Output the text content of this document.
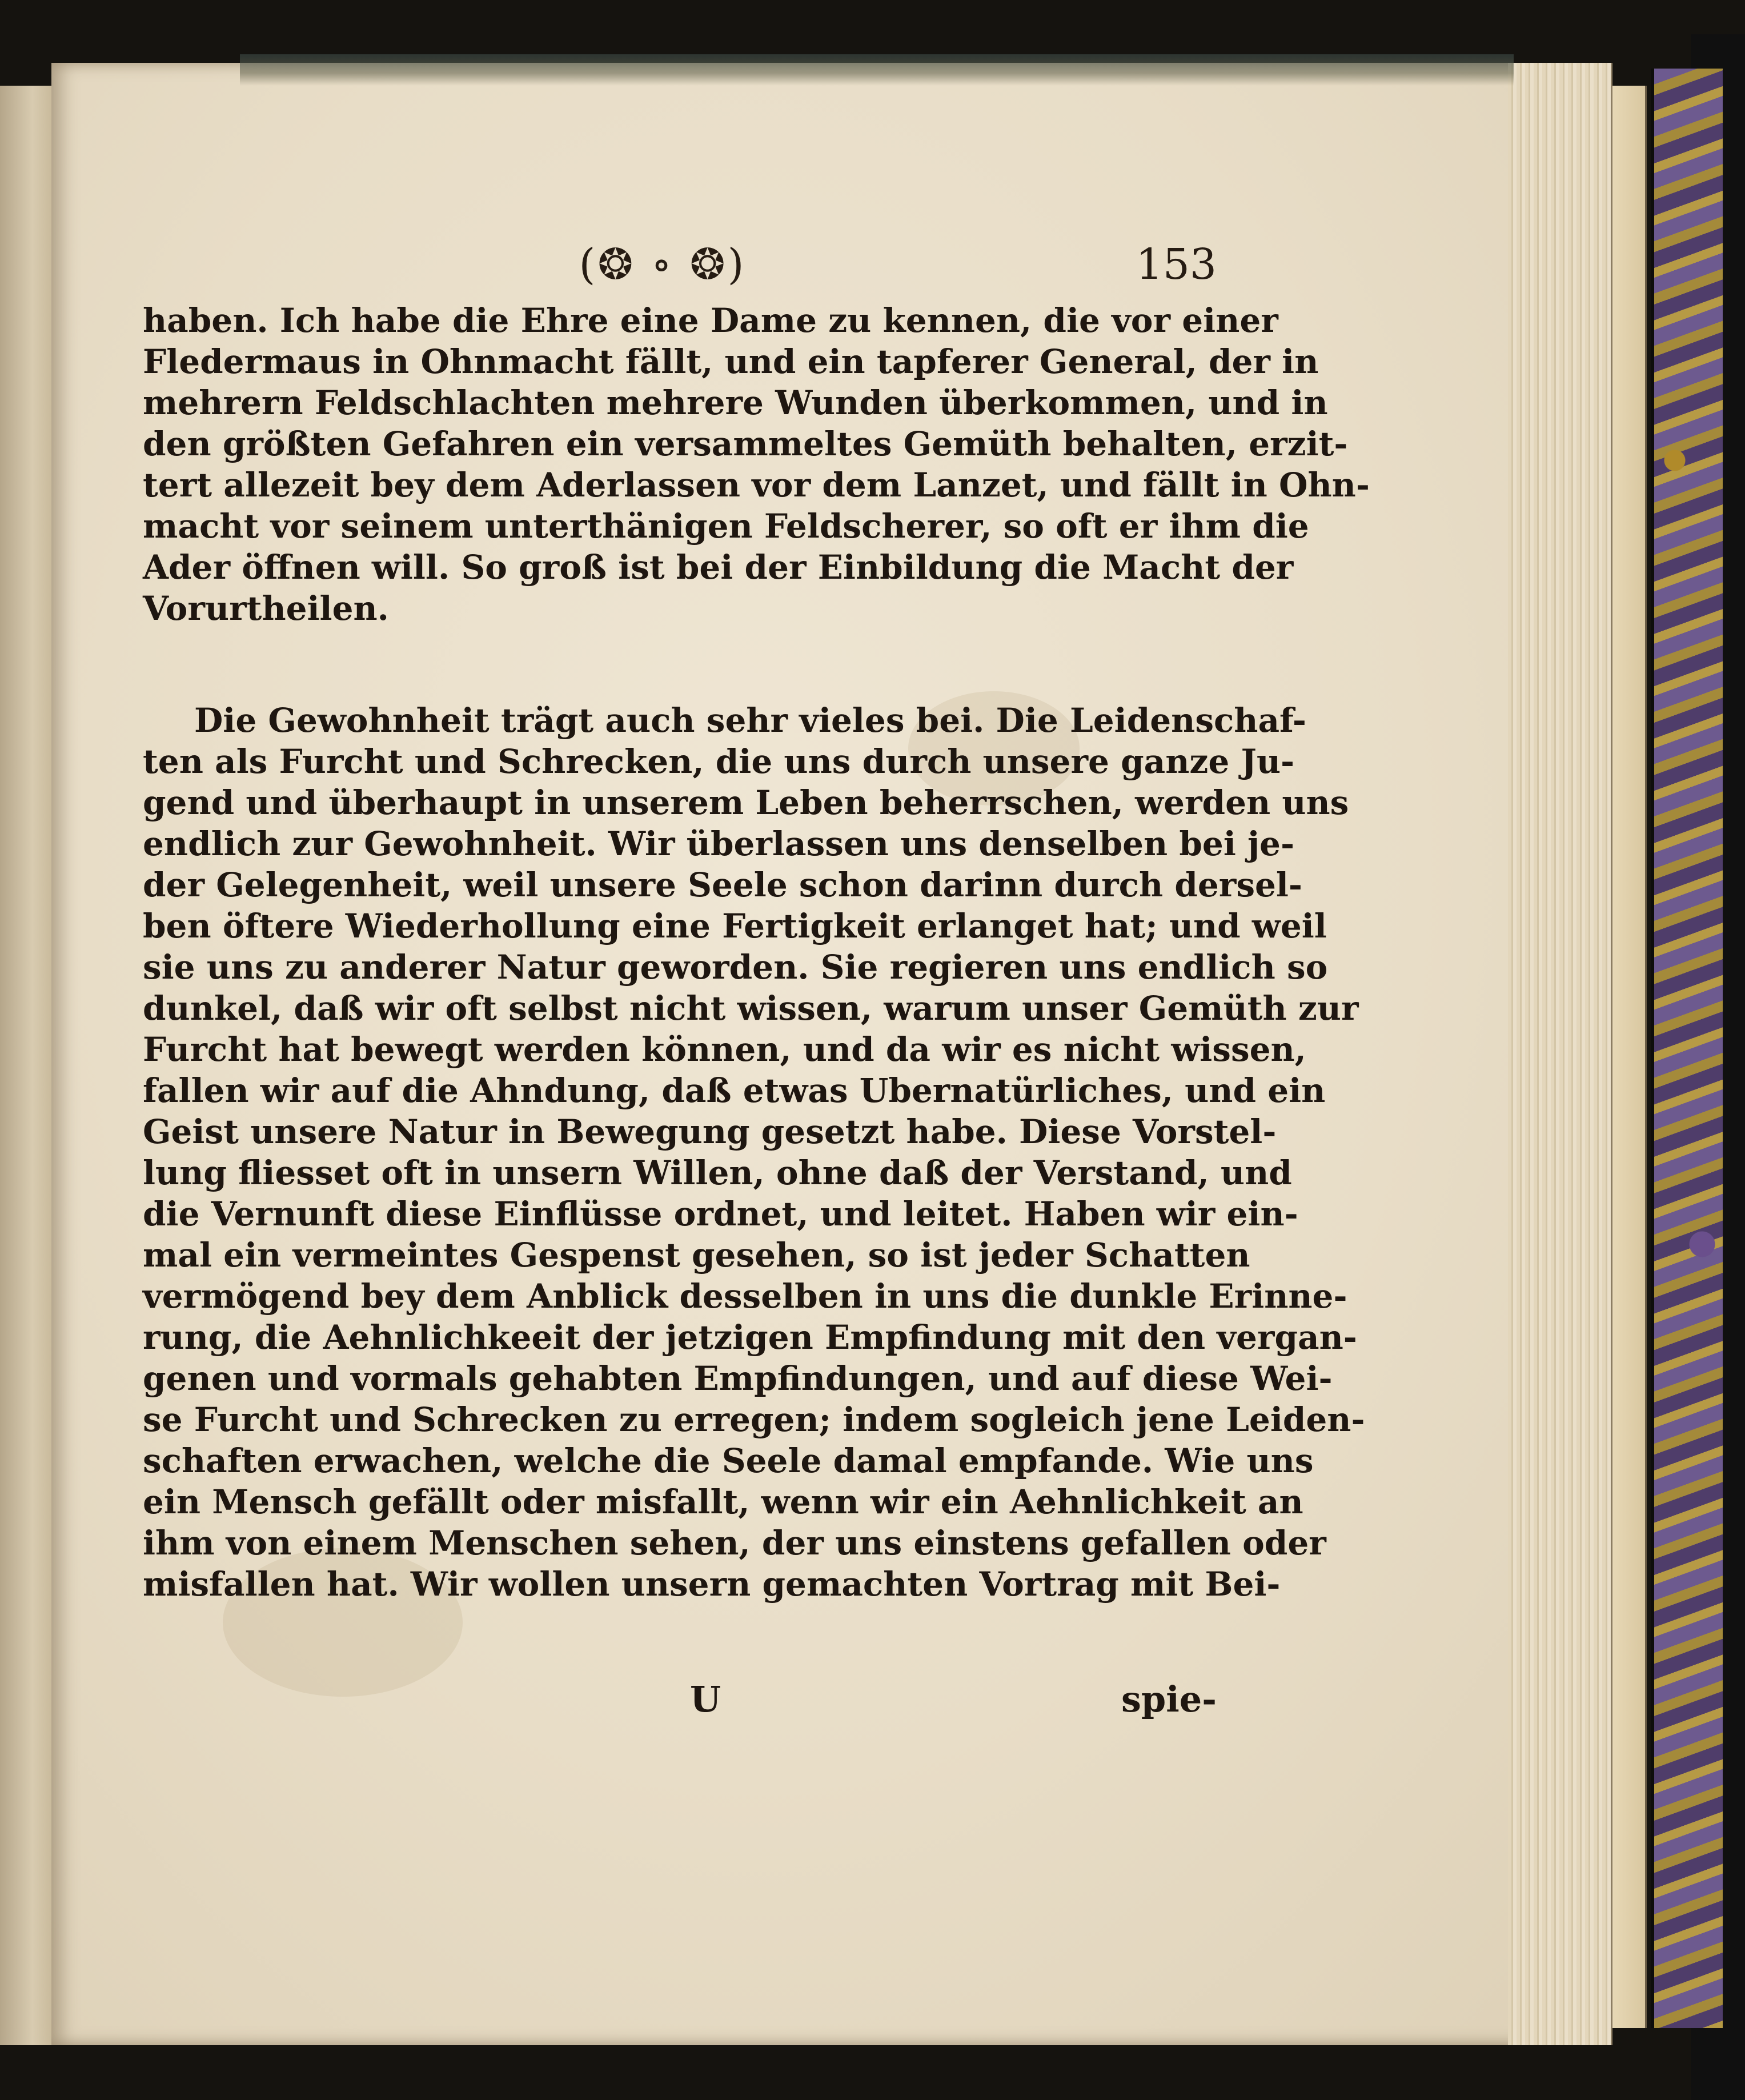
(❂ ∘ ❂)	153
haben. Ich habe die Ehre eine Dame zu kennen, die vor einer
Fledermaus in Ohnmacht fällt, und ein tapferer General, der in
mehrern Feldschlachten mehrere Wunden überkommen, und in
den größten Gefahren ein versammeltes Gemüth behalten, erzit-
tert allezeit bey dem Aderlassen vor dem Lanzet, und fällt in Ohn-
macht vor seinem unterthänigen Feldscherer, so oft er ihm die
Ader öffnen will. So groß ist bei der Einbildung die Macht der
Vorurtheilen.
Die Gewohnheit trägt auch sehr vieles bei. Die Leidenschaf-
ten als Furcht und Schrecken, die uns durch unsere ganze Ju-
gend und überhaupt in unserem Leben beherrschen, werden uns
endlich zur Gewohnheit. Wir überlassen uns denselben bei je-
der Gelegenheit, weil unsere Seele schon darinn durch dersel-
ben öftere Wiederhollung eine Fertigkeit erlanget hat; und weil
sie uns zu anderer Natur geworden. Sie regieren uns endlich so
dunkel, daß wir oft selbst nicht wissen, warum unser Gemüth zur
Furcht hat bewegt werden können, und da wir es nicht wissen,
fallen wir auf die Ahndung, daß etwas Ubernatürliches, und ein
Geist unsere Natur in Bewegung gesetzt habe. Diese Vorstel-
lung fliesset oft in unsern Willen, ohne daß der Verstand, und
die Vernunft diese Einflüsse ordnet, und leitet. Haben wir ein-
mal ein vermeintes Gespenst gesehen, so ist jeder Schatten
vermögend bey dem Anblick desselben in uns die dunkle Erinne-
rung, die Aehnlichkeeit der jetzigen Empfindung mit den vergan-
genen und vormals gehabten Empfindungen, und auf diese Wei-
se Furcht und Schrecken zu erregen; indem sogleich jene Leiden-
schaften erwachen, welche die Seele damal empfande. Wie uns
ein Mensch gefällt oder misfallt, wenn wir ein Aehnlichkeit an
ihm von einem Menschen sehen, der uns einstens gefallen oder
misfallen hat. Wir wollen unsern gemachten Vortrag mit Bei-
U	spie-
